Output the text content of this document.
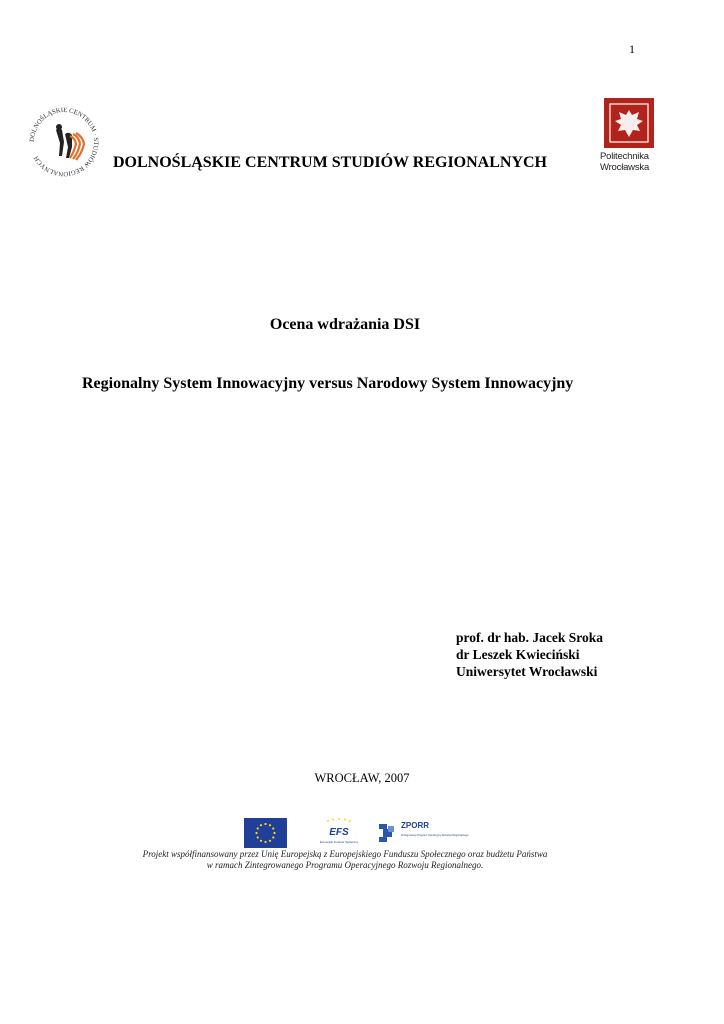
1
DOLNOŚLĄSKIE CENTRUM · STUDIÓW REGIONALNYCH	DOLNOŚLĄSKIE CENTRUM STUDIÓW REGIONALNYCH	Politechnika
Wrocławska
Ocena wdrażania DSI
Regionalny System Innowacyjny versus Narodowy System Innowacyjny
prof. dr hab. Jacek Sroka
dr Leszek Kwieciński
Uniwersytet Wrocławski
WROCŁAW, 2007
EFS
Europejski Fundusz Społeczny
ZPORR
Zintegrowany Program Operacyjny Rozwoju Regionalnego
Projekt współfinansowany przez Unię Europejską z Europejskiego Funduszu Społecznego oraz budżetu Państwa
w ramach Zintegrowanego Programu Operacyjnego Rozwoju Regionalnego.
